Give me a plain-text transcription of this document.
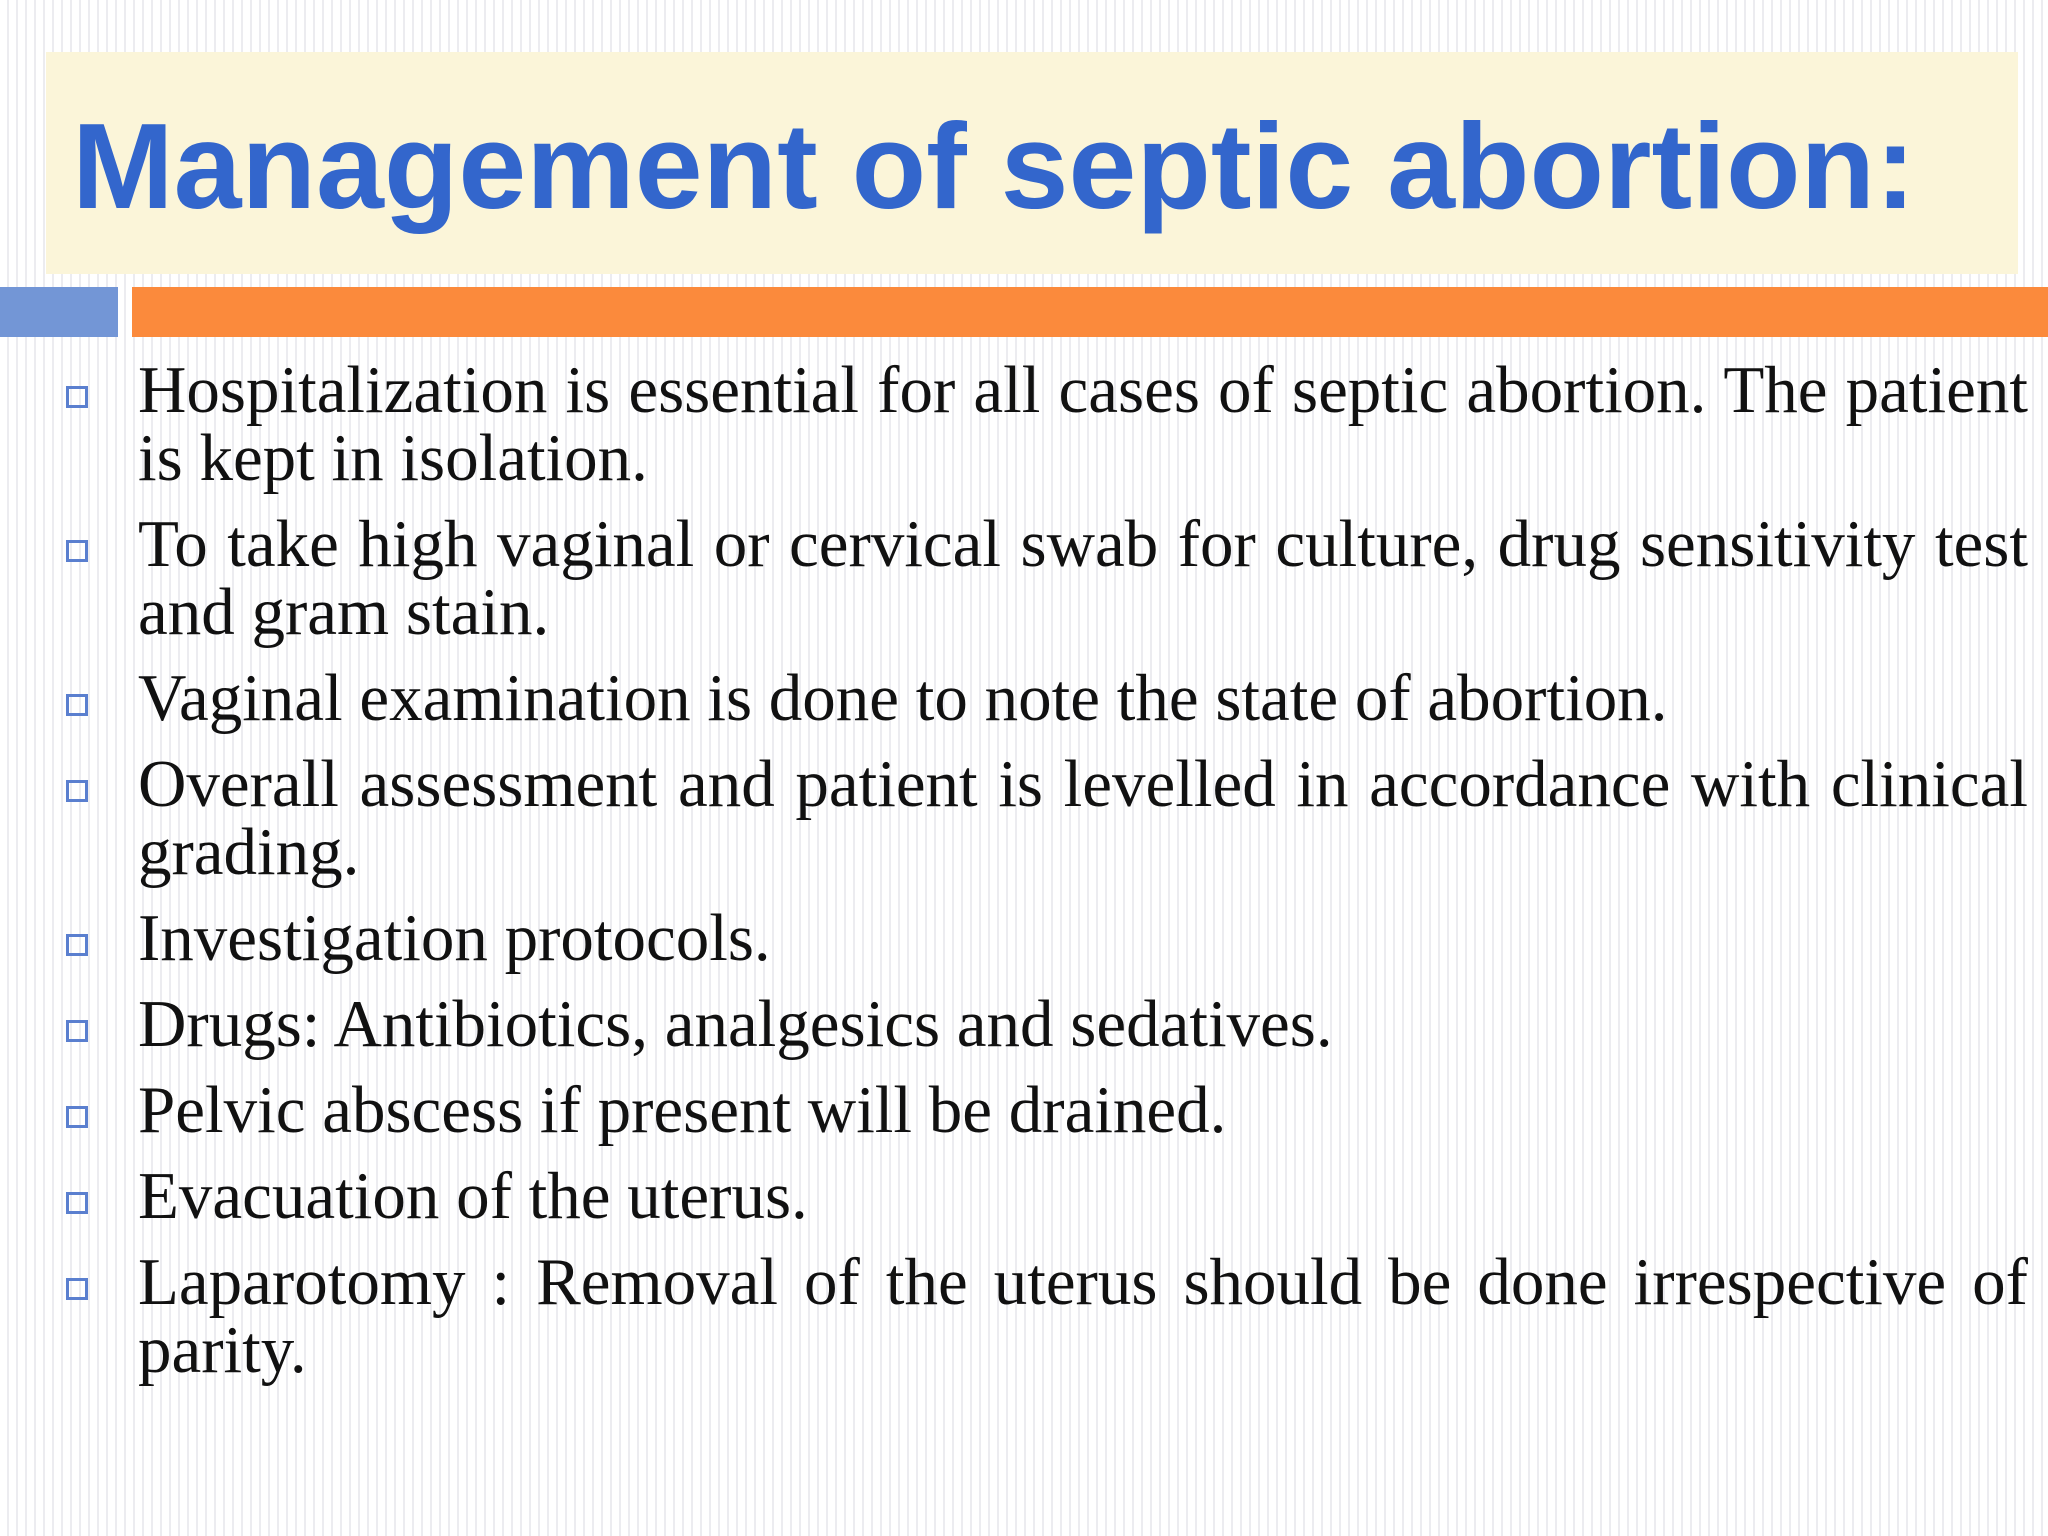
Management of septic abortion:
Hospitalization is essential for all cases of septic abortion. The patient is kept in isolation.
To take high vaginal or cervical swab for culture, drug sensitivity test and gram stain.
Vaginal examination is done to note the state of abortion.
Overall assessment and patient is levelled in accordance with clinical grading.
Investigation protocols.
Drugs: Antibiotics, analgesics and sedatives.
Pelvic abscess if present will be drained.
Evacuation of the uterus.
Laparotomy : Removal of the uterus should be done irrespective of parity.
